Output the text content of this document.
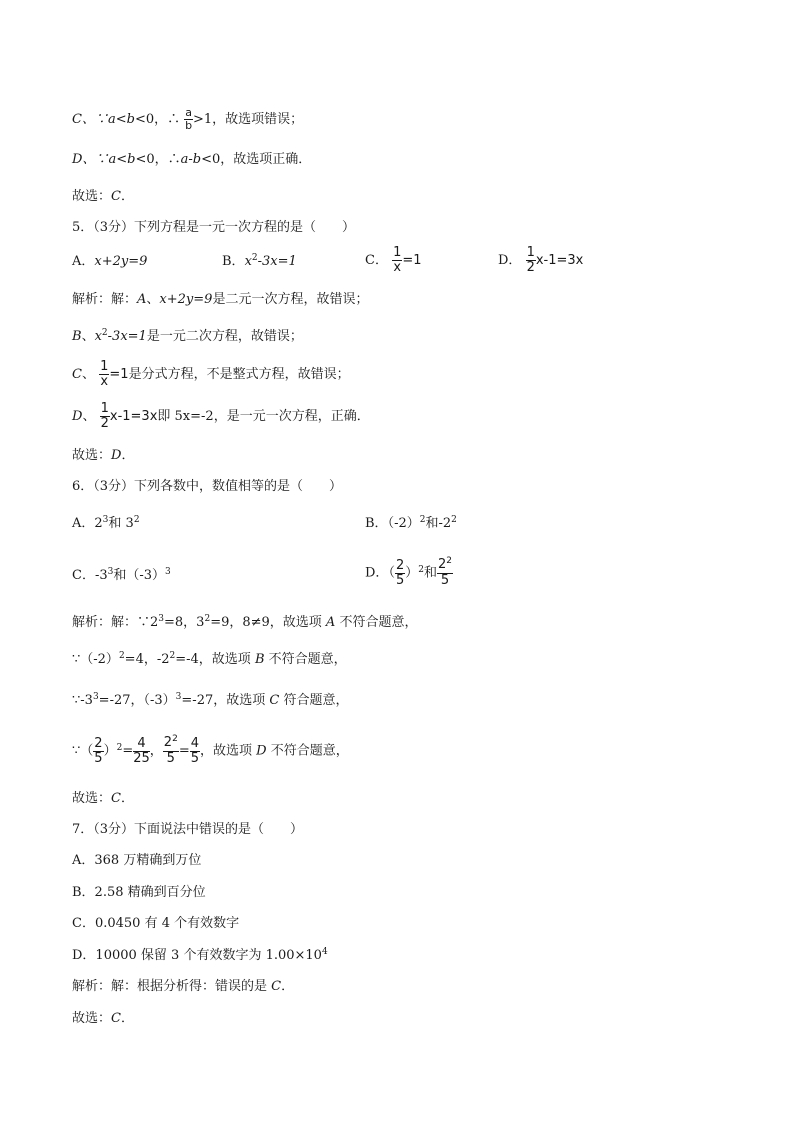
C、∵a<b<0，∴ $\frac{a}{b} >1$，故选项错误；
D、∵a<b<0，∴a-b<0，故选项正确．
故选：C．
5．（3分）下列方程是一元一次方程的是（　　）
A．x+2y=9	B．$x^2-3x=1$	C． $\frac{1}{x} =1$	D． $\frac{1}{2} x-1=3x$
解析：解：A、x+2y=9是二元一次方程，故错误；
B、$x^2-3x=1$是一元二次方程，故错误；
C、 $\frac{1}{x} =1$是分式方程，不是整式方程，故错误；
D、 $\frac{1}{2} x-1=3x$即 5x=-2，是一元一次方程，正确．
故选：D．
6．（3分）下列各数中，数值相等的是（　　）
A．$2^3$和 $3^2$	B．$(-2)^2$和$-2^2$
C．$-3^3$和$(-3)^3$	D．（ $\frac{2}{5} )^2$和 $\frac{2^2}{5}$
解析：解：$\because 2^3=8$，$3^2=9$，8≠9，故选项 A 不符合题意，
$\because(-2)^2=4$，$-2^2=-4$，故选项 B 不符合题意，
$\because-3^3=-27$，$(-3)^3=-27$，故选项 C 符合题意，
∵（ $\frac{2}{5} )^2= \frac{4}{25}$ ， $\frac{2^2}{5} = \frac{4}{5}$ ，故选项 D 不符合题意，
故选：C．
7．（3分）下面说法中错误的是（　　）
A．368 万精确到万位
B．2.58 精确到百分位
C．0.0450 有 4 个有效数字
D．10000 保留 3 个有效数字为 $1.00\times 10^4$
解析：解：根据分析得：错误的是 C．
故选：C．
